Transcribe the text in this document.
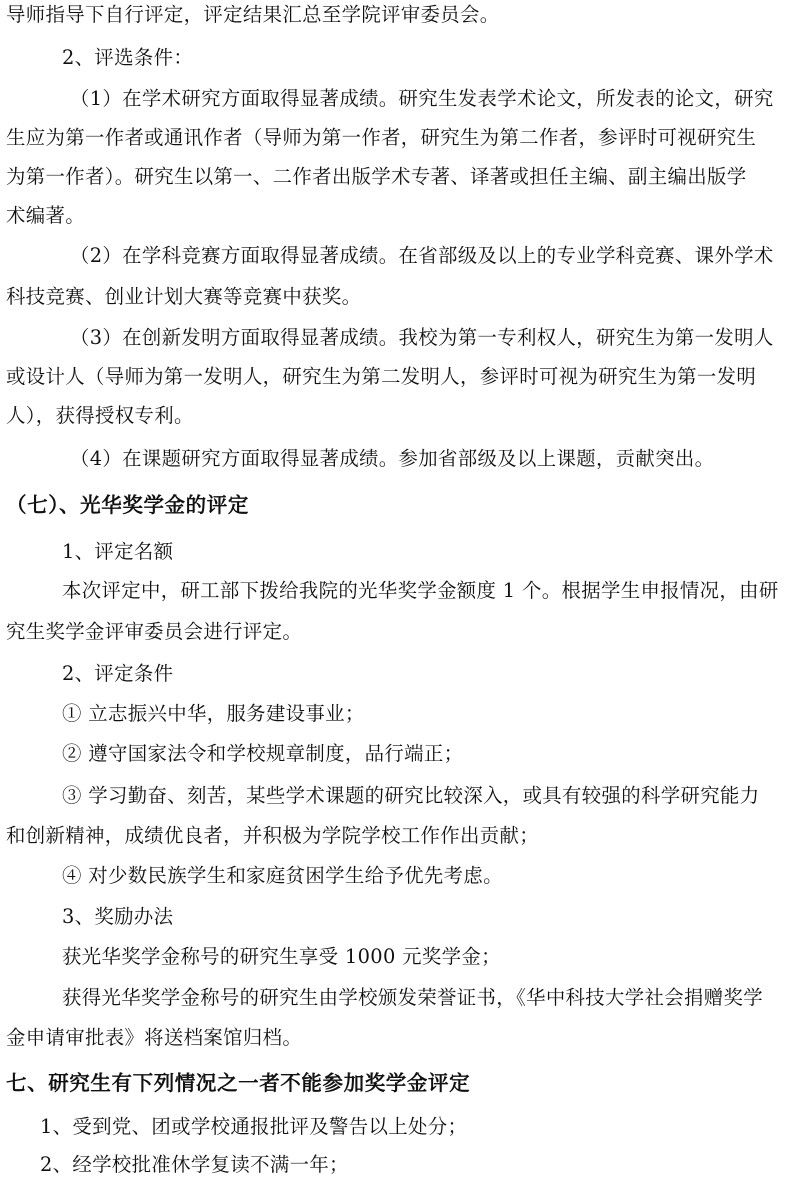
导师指导下自行评定，评定结果汇总至学院评审委员会。
2、评选条件：
（1）在学术研究方面取得显著成绩。研究生发表学术论文，所发表的论文，研究
生应为第一作者或通讯作者（导师为第一作者，研究生为第二作者，参评时可视研究生
为第一作者）。研究生以第一、二作者出版学术专著、译著或担任主编、副主编出版学
术编著。
（2）在学科竞赛方面取得显著成绩。在省部级及以上的专业学科竞赛、课外学术
科技竞赛、创业计划大赛等竞赛中获奖。
（3）在创新发明方面取得显著成绩。我校为第一专利权人，研究生为第一发明人
或设计人（导师为第一发明人，研究生为第二发明人，参评时可视为研究生为第一发明
人），获得授权专利。
（4）在课题研究方面取得显著成绩。参加省部级及以上课题，贡献突出。
（七）、光华奖学金的评定
1、评定名额
本次评定中，研工部下拨给我院的光华奖学金额度 1 个。根据学生申报情况，由研
究生奖学金评审委员会进行评定。
2、评定条件
① 立志振兴中华，服务建设事业；
② 遵守国家法令和学校规章制度，品行端正；
③ 学习勤奋、刻苦，某些学术课题的研究比较深入，或具有较强的科学研究能力
和创新精神，成绩优良者，并积极为学院学校工作作出贡献；
④ 对少数民族学生和家庭贫困学生给予优先考虑。
3、奖励办法
获光华奖学金称号的研究生享受 1000 元奖学金；
获得光华奖学金称号的研究生由学校颁发荣誉证书，《华中科技大学社会捐赠奖学
金申请审批表》将送档案馆归档。
七、研究生有下列情况之一者不能参加奖学金评定
1、受到党、团或学校通报批评及警告以上处分；
2、经学校批准休学复读不满一年；
